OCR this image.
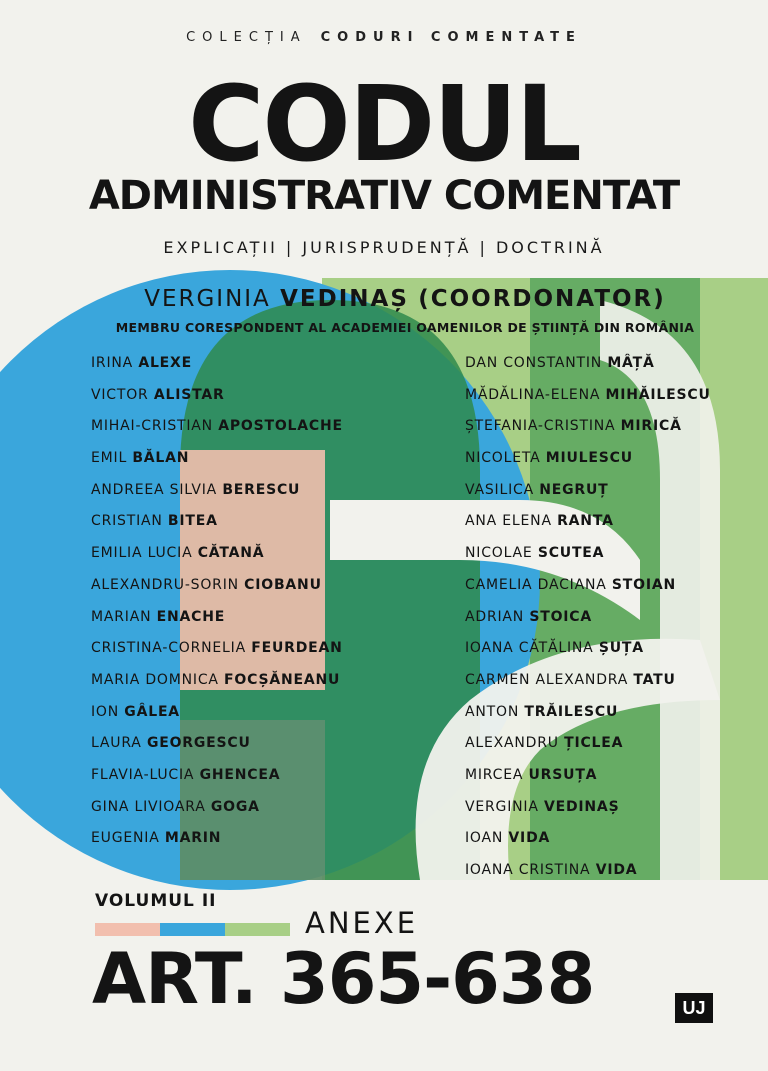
COLECȚIA CODURI COMENTATE
CODUL
ADMINISTRATIV COMENTAT
EXPLICAȚII | JURISPRUDENȚĂ | DOCTRINĂ
VERGINIA VEDINAȘ (COORDONATOR)
MEMBRU CORESPONDENT AL ACADEMIEI OAMENILOR DE ȘTIINȚĂ DIN ROMÂNIA
IRINA ALEXE
VICTOR ALISTAR
MIHAI-CRISTIAN APOSTOLACHE
EMIL BĂLAN
ANDREEA SILVIA BERESCU
CRISTIAN BITEA
EMILIA LUCIA CĂTANĂ
ALEXANDRU-SORIN CIOBANU
MARIAN ENACHE
CRISTINA-CORNELIA FEURDEAN
MARIA DOMNICA FOCȘĂNEANU
ION GÂLEA
LAURA GEORGESCU
FLAVIA-LUCIA GHENCEA
GINA LIVIOARA GOGA
EUGENIA MARIN
DAN CONSTANTIN MÂȚĂ
MĂDĂLINA-ELENA MIHĂILESCU
ȘTEFANIA-CRISTINA MIRICĂ
NICOLETA MIULESCU
VASILICA NEGRUȚ
ANA ELENA RANTA
NICOLAE SCUTEA
CAMELIA DACIANA STOIAN
ADRIAN STOICA
IOANA CĂTĂLINA ȘUȚA
CARMEN ALEXANDRA TATU
ANTON TRĂILESCU
ALEXANDRU ȚICLEA
MIRCEA URSUȚA
VERGINIA VEDINAȘ
IOAN VIDA
IOANA CRISTINA VIDA
VOLUMUL II
ANEXE
ART. 365-638	UJ
